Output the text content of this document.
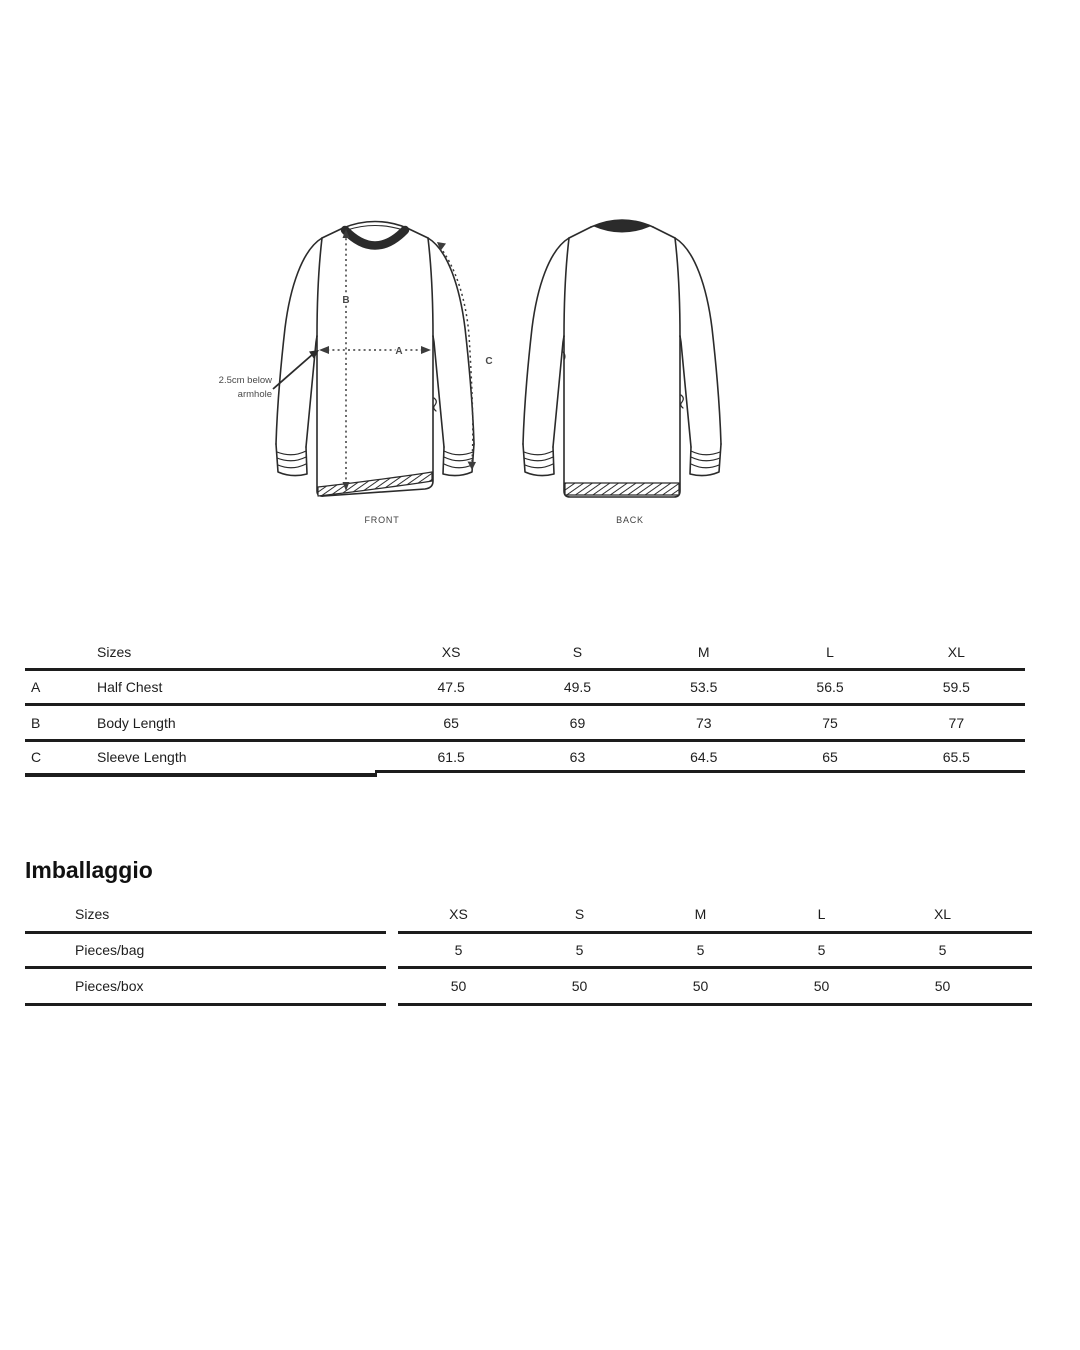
B
A
C
2.5cm below
armhole
FRONT	BACK
Sizes	XS	S	M	L	XL
A	Half Chest	47.5	49.5	53.5	56.5	59.5
B	Body Length	65	69	73	75	77
C	Sleeve Length	61.5	63	64.5	65	65.5
Imballaggio
Sizes	XS	S	M	L	XL
Pieces/bag	5	5	5	5	5
Pieces/box	50	50	50	50	50
